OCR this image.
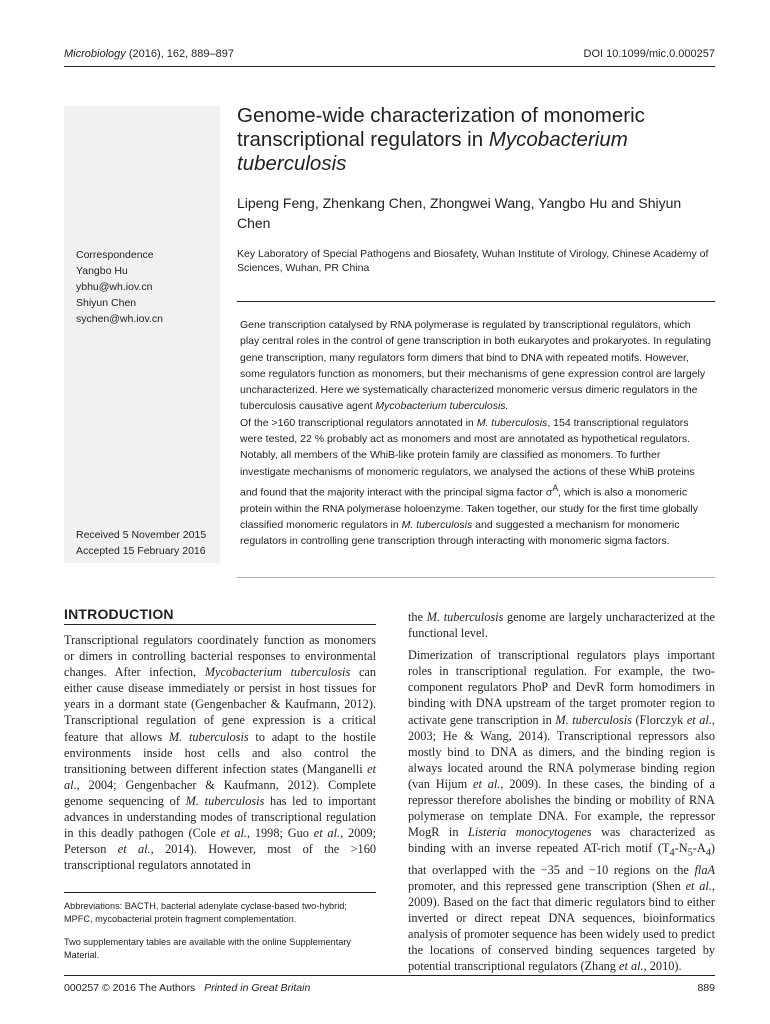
Microbiology (2016), 162, 889–897	DOI 10.1099/mic.0.000257
Genome-wide characterization of monomeric transcriptional regulators in Mycobacterium tuberculosis
Lipeng Feng, Zhenkang Chen, Zhongwei Wang, Yangbo Hu and Shiyun Chen
Correspondence
Yangbo Hu
ybhu@wh.iov.cn
Shiyun Chen
sychen@wh.iov.cn
Key Laboratory of Special Pathogens and Biosafety, Wuhan Institute of Virology, Chinese Academy of Sciences, Wuhan, PR China
Gene transcription catalysed by RNA polymerase is regulated by transcriptional regulators, which play central roles in the control of gene transcription in both eukaryotes and prokaryotes. In regulating gene transcription, many regulators form dimers that bind to DNA with repeated motifs. However, some regulators function as monomers, but their mechanisms of gene expression control are largely uncharacterized. Here we systematically characterized monomeric versus dimeric regulators in the tuberculosis causative agent Mycobacterium tuberculosis.
Of the >160 transcriptional regulators annotated in M. tuberculosis, 154 transcriptional regulators were tested, 22 % probably act as monomers and most are annotated as hypothetical regulators. Notably, all members of the WhiB-like protein family are classified as monomers. To further investigate mechanisms of monomeric regulators, we analysed the actions of these WhiB proteins and found that the majority interact with the principal sigma factor $\sigma^A$, which is also a monomeric protein within the RNA polymerase holoenzyme. Taken together, our study for the first time globally classified monomeric regulators in M. tuberculosis and suggested a mechanism for monomeric regulators in controlling gene transcription through interacting with monomeric sigma factors.
Received 5 November 2015
Accepted 15 February 2016
INTRODUCTION
Transcriptional regulators coordinately function as monomers or dimers in controlling bacterial responses to environmental changes. After infection, Mycobacterium tuberculosis can either cause disease immediately or persist in host tissues for years in a dormant state (Gengenbacher & Kaufmann, 2012). Transcriptional regulation of gene expression is a critical feature that allows M. tuberculosis to adapt to the hostile environments inside host cells and also control the transitioning between different infection states (Manganelli et al., 2004; Gengenbacher & Kaufmann, 2012). Complete genome sequencing of M. tuberculosis has led to important advances in understanding modes of transcriptional regulation in this deadly pathogen (Cole et al., 1998; Guo et al., 2009; Peterson et al., 2014). However, most of the >160 transcriptional regulators annotated in

the M. tuberculosis genome are largely uncharacterized at the functional level.

Dimerization of transcriptional regulators plays important roles in transcriptional regulation. For example, the two-component regulators PhoP and DevR form homodimers in binding with DNA upstream of the target promoter region to activate gene transcription in M. tuberculosis (Florczyk et al., 2003; He & Wang, 2014). Transcriptional repressors also mostly bind to DNA as dimers, and the binding region is always located around the RNA polymerase binding region (van Hijum et al., 2009). In these cases, the binding of a repressor therefore abolishes the binding or mobility of RNA polymerase on template DNA. For example, the repressor MogR in Listeria monocytogenes was characterized as binding with an inverse repeated AT-rich motif $(T_4-N_5-A_4)$ that overlapped with the −35 and −10 regions on the flaA promoter, and this repressed gene transcription (Shen et al., 2009). Based on the fact that dimeric regulators bind to either inverted or direct repeat DNA sequences, bioinformatics analysis of promoter sequence has been widely used to predict the locations of conserved binding sequences targeted by potential transcriptional regulators (Zhang et al., 2010).

Abbreviations: BACTH, bacterial adenylate cyclase-based two-hybrid; MPFC, mycobacterial protein fragment complementation.
Two supplementary tables are available with the online Supplementary Material.
000257 © 2016 The Authors Printed in Great Britain	889
